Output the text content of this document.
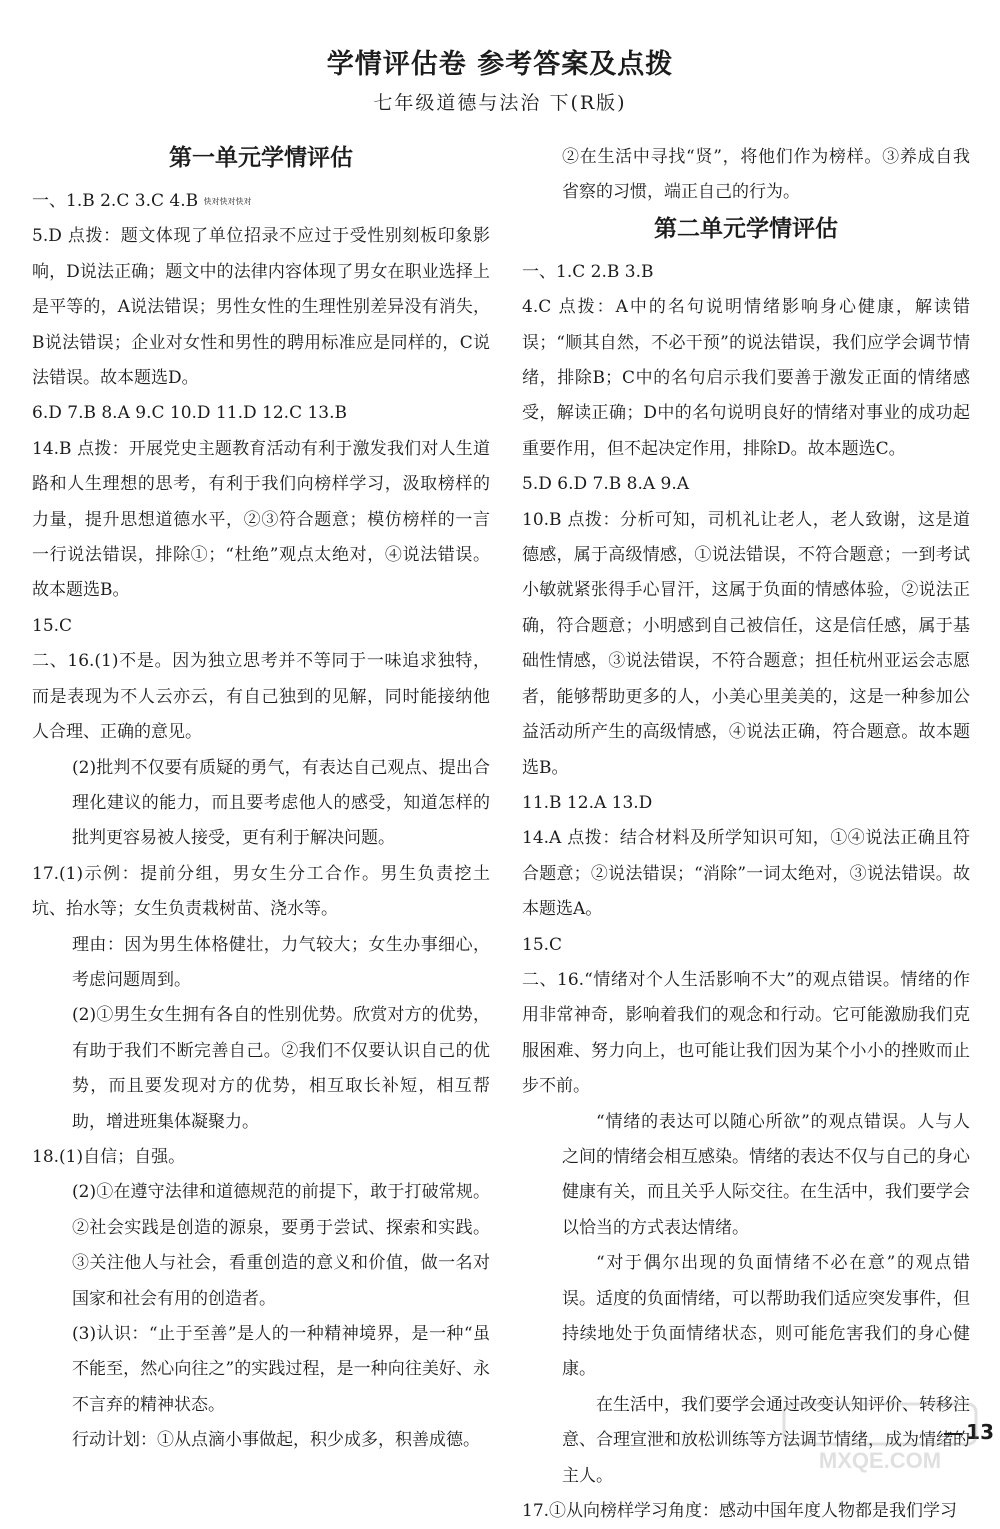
学情评估卷 参考答案及点拨
七年级道德与法治 下(R版)
第一单元学情评估

一、1.B 2.C 3.C 4.B 快对快对快对

5.D 点拨：题文体现了单位招录不应过于受性别刻板印象影响，D说法正确；题文中的法律内容体现了男女在职业选择上是平等的，A说法错误；男性女性的生理性别差异没有消失，B说法错误；企业对女性和男性的聘用标准应是同样的，C说法错误。故本题选D。

6.D 7.B 8.A 9.C 10.D 11.D 12.C 13.B

14.B 点拨：开展党史主题教育活动有利于激发我们对人生道路和人生理想的思考，有利于我们向榜样学习，汲取榜样的力量，提升思想道德水平，②③符合题意；模仿榜样的一言一行说法错误，排除①；“杜绝”观点太绝对，④说法错误。故本题选B。

15.C

二、16.(1)不是。因为独立思考并不等同于一味追求独特，而是表现为不人云亦云，有自己独到的见解，同时能接纳他人合理、正确的意见。

(2)批判不仅要有质疑的勇气，有表达自己观点、提出合理化建议的能力，而且要考虑他人的感受，知道怎样的批判更容易被人接受，更有利于解决问题。

17.(1)示例：提前分组，男女生分工合作。男生负责挖土坑、抬水等；女生负责栽树苗、浇水等。

理由：因为男生体格健壮，力气较大；女生办事细心，考虑问题周到。

(2)①男生女生拥有各自的性别优势。欣赏对方的优势，有助于我们不断完善自己。②我们不仅要认识自己的优势，而且要发现对方的优势，相互取长补短，相互帮助，增进班集体凝聚力。

18.(1)自信；自强。

(2)①在遵守法律和道德规范的前提下，敢于打破常规。②社会实践是创造的源泉，要勇于尝试、探索和实践。③关注他人与社会，看重创造的意义和价值，做一名对国家和社会有用的创造者。

(3)认识：“止于至善”是人的一种精神境界，是一种“虽不能至，然心向往之”的实践过程，是一种向往美好、永不言弃的精神状态。

行动计划：①从点滴小事做起，积少成多，积善成德。

②在生活中寻找“贤”，将他们作为榜样。③养成自我省察的习惯，端正自己的行为。

第二单元学情评估

一、1.C 2.B 3.B

4.C 点拨：A中的名句说明情绪影响身心健康，解读错误；“顺其自然，不必干预”的说法错误，我们应学会调节情绪，排除B；C中的名句启示我们要善于激发正面的情绪感受，解读正确；D中的名句说明良好的情绪对事业的成功起重要作用，但不起决定作用，排除D。故本题选C。

5.D 6.D 7.B 8.A 9.A

10.B 点拨：分析可知，司机礼让老人，老人致谢，这是道德感，属于高级情感，①说法错误，不符合题意；一到考试小敏就紧张得手心冒汗，这属于负面的情感体验，②说法正确，符合题意；小明感到自己被信任，这是信任感，属于基础性情感，③说法错误，不符合题意；担任杭州亚运会志愿者，能够帮助更多的人，小美心里美美的，这是一种参加公益活动所产生的高级情感，④说法正确，符合题意。故本题选B。

11.B 12.A 13.D

14.A 点拨：结合材料及所学知识可知，①④说法正确且符合题意；②说法错误；“消除”一词太绝对，③说法错误。故本题选A。

15.C

二、16.“情绪对个人生活影响不大”的观点错误。情绪的作用非常神奇，影响着我们的观念和行动。它可能激励我们克服困难、努力向上，也可能让我们因为某个小小的挫败而止步不前。

“情绪的表达可以随心所欲”的观点错误。人与人之间的情绪会相互感染。情绪的表达不仅与自己的身心健康有关，而且关乎人际交往。在生活中，我们要学会以恰当的方式表达情绪。

“对于偶尔出现的负面情绪不必在意”的观点错误。适度的负面情绪，可以帮助我们适应突发事件，但持续地处于负面情绪状态，则可能危害我们的身心健康。

在生活中，我们要学会通过改变认知评价、转移注意、合理宣泄和放松训练等方法调节情绪，成为情绪的主人。

17.①从向榜样学习角度：感动中国年度人物都是我们学习

13
MXQE.COM
